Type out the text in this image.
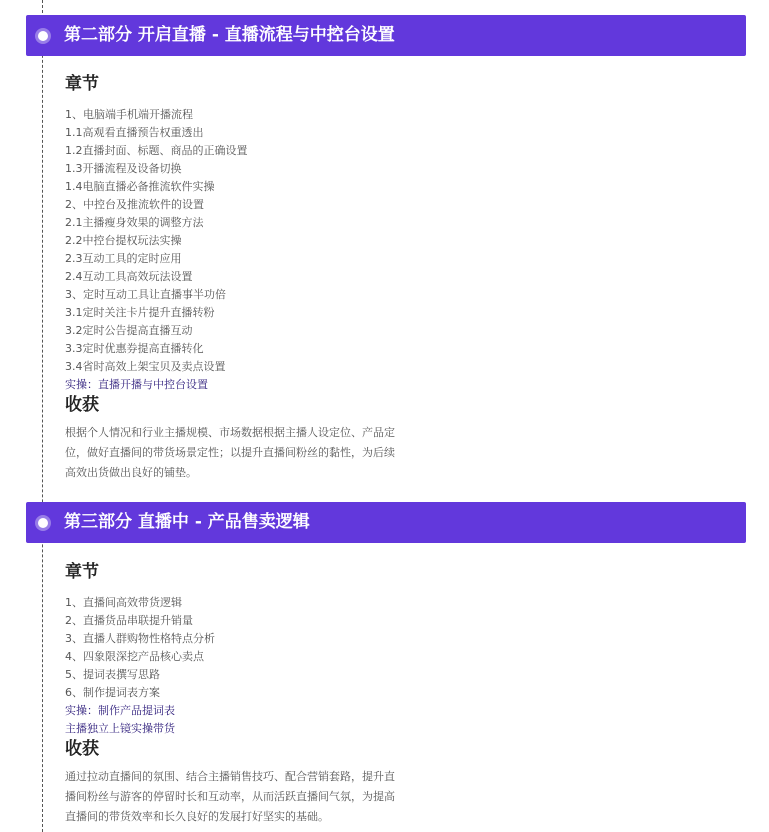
第二部分 开启直播 - 直播流程与中控台设置
章节
1、电脑端手机端开播流程
1.1高观看直播预告权重透出
1.2直播封面、标题、商品的正确设置
1.3开播流程及设备切换
1.4电脑直播必备推流软件实操
2、中控台及推流软件的设置
2.1主播瘦身效果的调整方法
2.2中控台提权玩法实操
2.3互动工具的定时应用
2.4互动工具高效玩法设置
3、定时互动工具让直播事半功倍
3.1定时关注卡片提升直播转粉
3.2定时公告提高直播互动
3.3定时优惠券提高直播转化
3.4省时高效上架宝贝及卖点设置
实操：直播开播与中控台设置
收获

根据个人情况和行业主播规模、市场数据根据主播人设定位、产品定

位，做好直播间的带货场景定性；以提升直播间粉丝的黏性，为后续

高效出货做出良好的铺垫。

第三部分 直播中 - 产品售卖逻辑
章节
1、直播间高效带货逻辑
2、直播货品串联提升销量
3、直播人群购物性格特点分析
4、四象限深挖产品核心卖点
5、提词表撰写思路
6、制作提词表方案
实操：制作产品提词表
主播独立上镜实操带货
收获

通过拉动直播间的氛围、结合主播销售技巧、配合营销套路，提升直

播间粉丝与游客的停留时长和互动率，从而活跃直播间气氛，为提高

直播间的带货效率和长久良好的发展打好坚实的基础。
